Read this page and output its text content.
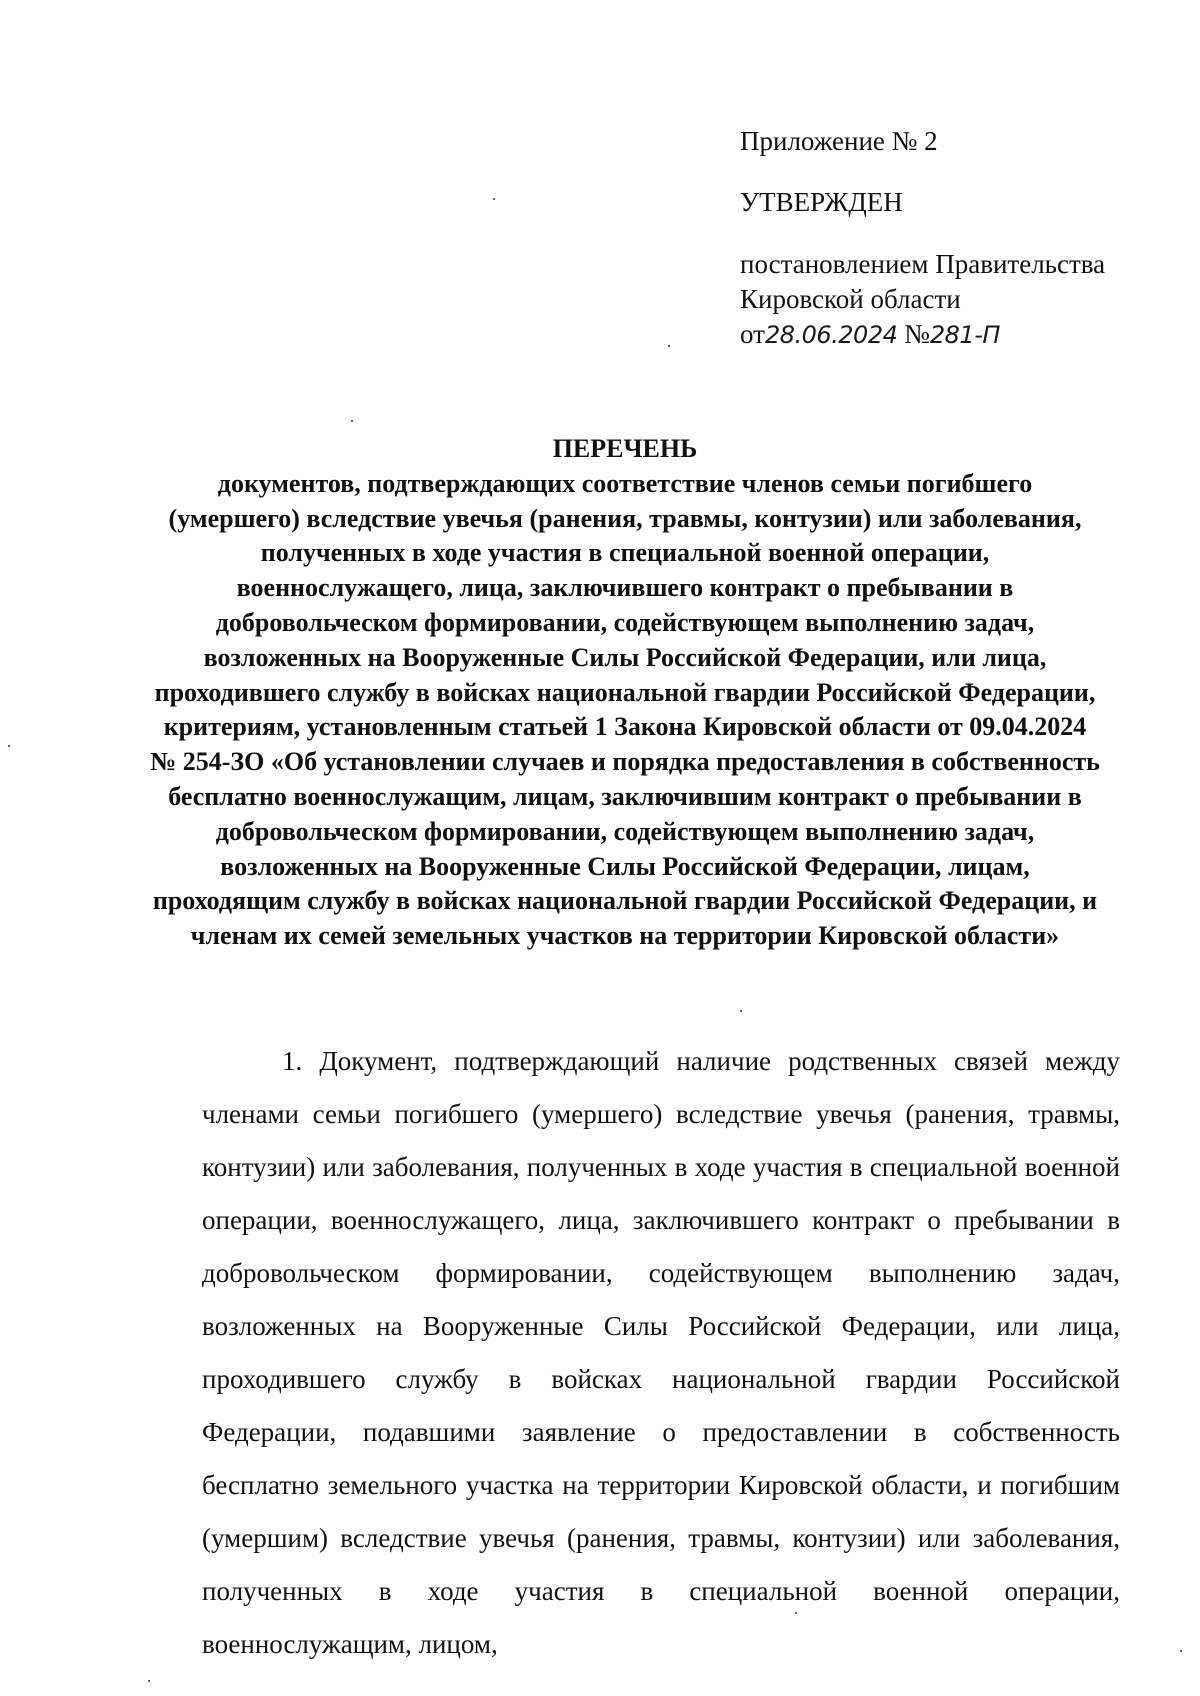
Приложение № 2
УТВЕРЖДЕН
постановлением Правительства
Кировской области
от28.06.2024 №281-П
ПЕРЕЧЕНЬ
документов, подтверждающих соответствие членов семьи погибшего (умершего) вследствие увечья (ранения, травмы, контузии) или заболевания, полученных в ходе участия в специальной военной операции, военнослужащего, лица, заключившего контракт о пребывании в добровольческом формировании, содействующем выполнению задач, возложенных на Вооруженные Силы Российской Федерации, или лица, проходившего службу в войсках национальной гвардии Российской Федерации, критериям, установленным статьей 1 Закона Кировской области от 09.04.2024 № 254-ЗО «Об установлении случаев и порядка предоставления в собственность бесплатно военнослужащим, лицам, заключившим контракт о пребывании в добровольческом формировании, содействующем выполнению задач, возложенных на Вооруженные Силы Российской Федерации, лицам, проходящим службу в войсках национальной гвардии Российской Федерации, и членам их семей земельных участков на территории Кировской области»
1. Документ, подтверждающий наличие родственных связей между членами семьи погибшего (умершего) вследствие увечья (ранения, травмы, контузии) или заболевания, полученных в ходе участия в специальной военной операции, военнослужащего, лица, заключившего контракт о пребывании в добровольческом формировании, содействующем выполнению задач, возложенных на Вооруженные Силы Российской Федерации, или лица, проходившего службу в войсках национальной гвардии Российской Федерации, подавшими заявление о предоставлении в собственность бесплатно земельного участка на территории Кировской области, и погибшим (умершим) вследствие увечья (ранения, травмы, контузии) или заболевания, полученных в ходе участия в специальной военной операции, военнослужащим, лицом,
